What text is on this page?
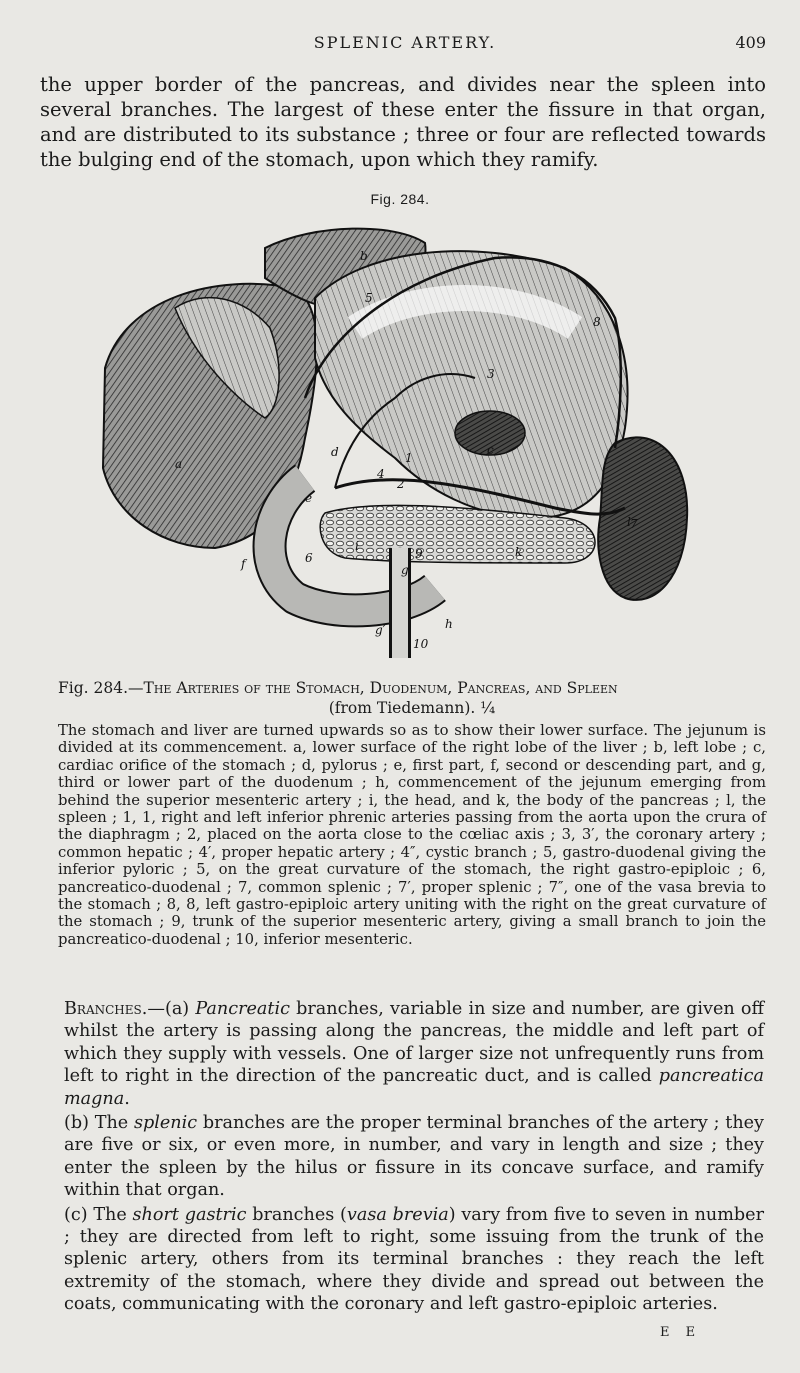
SPLENIC ARTERY.	409

the upper border of the pancreas, and divides near the spleen into several branches. The largest of these enter the fissure in that organ, and are distributed to its substance ; three or four are reflected towards the bulging end of the stomach, upon which they ramify.

Fig. 284.
a
b
c
d
e
f	g
g′	h
i	k
l
1
2
3
4
5
6
7
8
9
10

Fig. 284.—The Arteries of the Stomach, Duodenum, Pancreas, and Spleen
(from Tiedemann). ¼

The stomach and liver are turned upwards so as to show their lower surface. The jejunum is divided at its commencement. a, lower surface of the right lobe of the liver ; b, left lobe ; c, cardiac orifice of the stomach ; d, pylorus ; e, first part, f, second or descending part, and g, third or lower part of the duodenum ; h, commencement of the jejunum emerging from behind the superior mesenteric artery ; i, the head, and k, the body of the pancreas ; l, the spleen ; 1, 1, right and left inferior phrenic arteries passing from the aorta upon the crura of the diaphragm ; 2, placed on the aorta close to the cœliac axis ; 3, 3′, the coronary artery ; common hepatic ; 4′, proper hepatic artery ; 4″, cystic branch ; 5, gastro-duodenal giving the inferior pyloric ; 5, on the great curvature of the stomach, the right gastro-epiploic ; 6, pancreatico-duodenal ; 7, common splenic ; 7′, proper splenic ; 7″, one of the vasa brevia to the stomach ; 8, 8, left gastro-epiploic artery uniting with the right on the great curvature of the stomach ; 9, trunk of the superior mesenteric artery, giving a small branch to join the pancreatico-duodenal ; 10, inferior mesenteric.

Branches.—(a) Pancreatic branches, variable in size and number, are given off whilst the artery is passing along the pancreas, the middle and left part of which they supply with vessels. One of larger size not unfrequently runs from left to right in the direction of the pancreatic duct, and is called pancreatica magna.

(b) The splenic branches are the proper terminal branches of the artery ; they are five or six, or even more, in number, and vary in length and size ; they enter the spleen by the hilus or fissure in its concave surface, and ramify within that organ.

(c) The short gastric branches (vasa brevia) vary from five to seven in number ; they are directed from left to right, some issuing from the trunk of the splenic artery, others from its terminal branches : they reach the left extremity of the stomach, where they divide and spread out between the coats, communicating with the coronary and left gastro-epiploic arteries.

E E
